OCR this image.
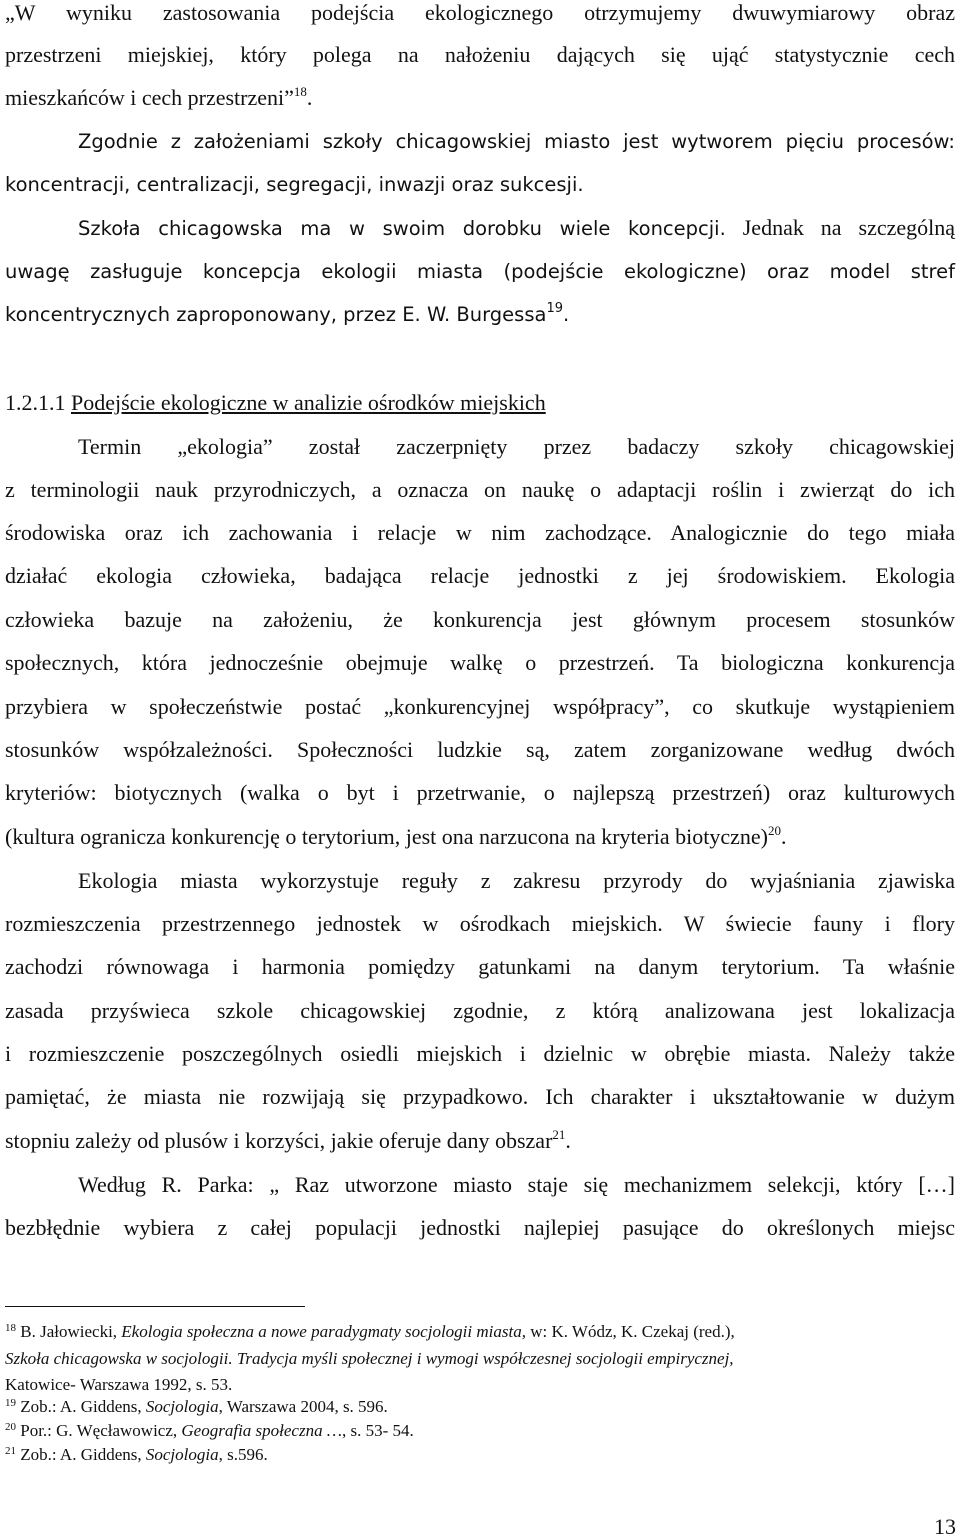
„W wyniku zastosowania podejścia ekologicznego otrzymujemy dwuwymiarowy obraz
przestrzeni miejskiej, który polega na nałożeniu dających się ująć statystycznie cech
mieszkańców i cech przestrzeni”$^{18}$.
Zgodnie z założeniami szkoły chicagowskiej miasto jest wytworem pięciu procesów:
koncentracji, centralizacji, segregacji, inwazji oraz sukcesji.
Szkoła chicagowska ma w swoim dorobku wiele koncepcji. Jednak na szczególną
uwagę zasługuje koncepcja ekologii miasta (podejście ekologiczne) oraz model stref
koncentrycznych zaproponowany, przez E. W. Burgessa$^{19}$.
1.2.1.1 Podejście ekologiczne w analizie ośrodków miejskich
Termin „ekologia” został zaczerpnięty przez badaczy szkoły chicagowskiej
z terminologii nauk przyrodniczych, a oznacza on naukę o adaptacji roślin i zwierząt do ich
środowiska oraz ich zachowania i relacje w nim zachodzące. Analogicznie do tego miała
działać ekologia człowieka, badająca relacje jednostki z jej środowiskiem. Ekologia
człowieka bazuje na założeniu, że konkurencja jest głównym procesem stosunków
społecznych, która jednocześnie obejmuje walkę o przestrzeń. Ta biologiczna konkurencja
przybiera w społeczeństwie postać „konkurencyjnej współpracy”, co skutkuje wystąpieniem
stosunków współzależności. Społeczności ludzkie są, zatem zorganizowane według dwóch
kryteriów: biotycznych (walka o byt i przetrwanie, o najlepszą przestrzeń) oraz kulturowych
(kultura ogranicza konkurencję o terytorium, jest ona narzucona na kryteria biotyczne)$^{20}$.
Ekologia miasta wykorzystuje reguły z zakresu przyrody do wyjaśniania zjawiska
rozmieszczenia przestrzennego jednostek w ośrodkach miejskich. W świecie fauny i flory
zachodzi równowaga i harmonia pomiędzy gatunkami na danym terytorium. Ta właśnie
zasada przyświeca szkole chicagowskiej zgodnie, z którą analizowana jest lokalizacja
i rozmieszczenie poszczególnych osiedli miejskich i dzielnic w obrębie miasta. Należy także
pamiętać, że miasta nie rozwijają się przypadkowo. Ich charakter i ukształtowanie w dużym
stopniu zależy od plusów i korzyści, jakie oferuje dany obszar$^{21}$.
Według R. Parka: „ Raz utworzone miasto staje się mechanizmem selekcji, który […]
bezbłędnie wybiera z całej populacji jednostki najlepiej pasujące do określonych miejsc
$^{18}$ B. Jałowiecki, Ekologia społeczna a nowe paradygmaty socjologii miasta, w: K. Wódz, K. Czekaj (red.),
Szkoła chicagowska w socjologii. Tradycja myśli społecznej i wymogi współczesnej socjologii empirycznej,
Katowice- Warszawa 1992, s. 53.
$^{19}$ Zob.: A. Giddens, Socjologia, Warszawa 2004, s. 596.
$^{20}$ Por.: G. Węcławowicz, Geografia społeczna …, s. 53- 54.
$^{21}$ Zob.: A. Giddens, Socjologia, s.596.
13
